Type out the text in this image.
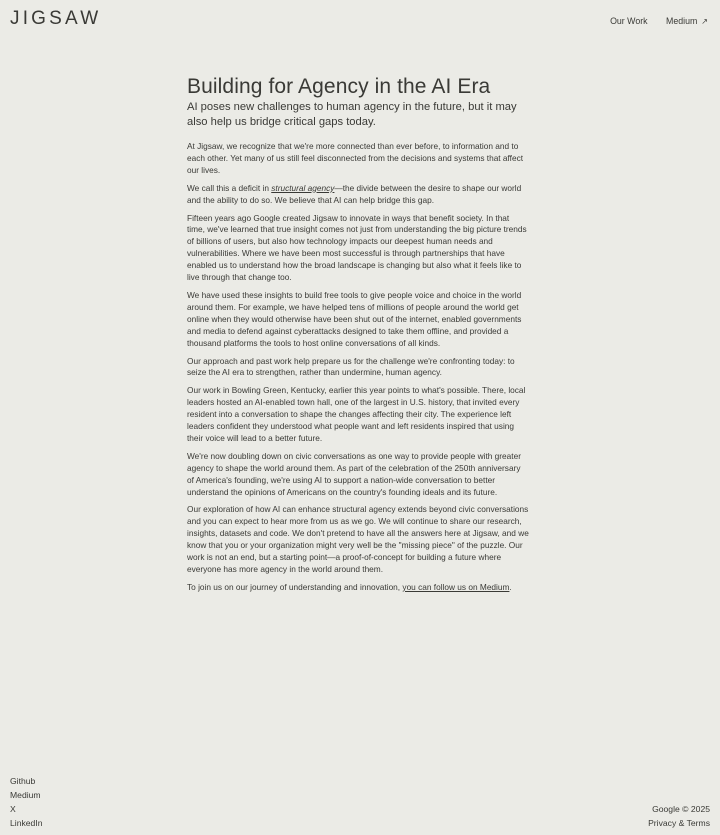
JIGSAW	Our Work Medium ↗
Building for Agency in the AI Era

AI poses new challenges to human agency in the future, but it may also help us bridge critical gaps today.

At Jigsaw, we recognize that we're more connected than ever before, to information and to each other. Yet many of us still feel disconnected from the decisions and systems that affect our lives.

We call this a deficit in structural agency—the divide between the desire to shape our world and the ability to do so. We believe that AI can help bridge this gap.

Fifteen years ago Google created Jigsaw to innovate in ways that benefit society. In that time, we've learned that true insight comes not just from understanding the big picture trends of billions of users, but also how technology impacts our deepest human needs and vulnerabilities. Where we have been most successful is through partnerships that have enabled us to understand how the broad landscape is changing but also what it feels like to live through that change too.

We have used these insights to build free tools to give people voice and choice in the world around them. For example, we have helped tens of millions of people around the world get online when they would otherwise have been shut out of the internet, enabled governments and media to defend against cyberattacks designed to take them offline, and provided a thousand platforms the tools to host online conversations of all kinds.

Our approach and past work help prepare us for the challenge we're confronting today: to seize the AI era to strengthen, rather than undermine, human agency.

Our work in Bowling Green, Kentucky, earlier this year points to what's possible. There, local leaders hosted an AI-enabled town hall, one of the largest in U.S. history, that invited every resident into a conversation to shape the changes affecting their city. The experience left leaders confident they understood what people want and left residents inspired that using their voice will lead to a better future.

We're now doubling down on civic conversations as one way to provide people with greater agency to shape the world around them. As part of the celebration of the 250th anniversary of America's founding, we're using AI to support a nation-wide conversation to better understand the opinions of Americans on the country's founding ideals and its future.

Our exploration of how AI can enhance structural agency extends beyond civic conversations and you can expect to hear more from us as we go. We will continue to share our research, insights, datasets and code. We don't pretend to have all the answers here at Jigsaw, and we know that you or your organization might very well be the "missing piece" of the puzzle. Our work is not an end, but a starting point—a proof-of-concept for building a future where everyone has more agency in the world around them.

To join us on our journey of understanding and innovation, you can follow us on Medium.

Github
Medium
X
LinkedIn
Google © 2025
Privacy & Terms
